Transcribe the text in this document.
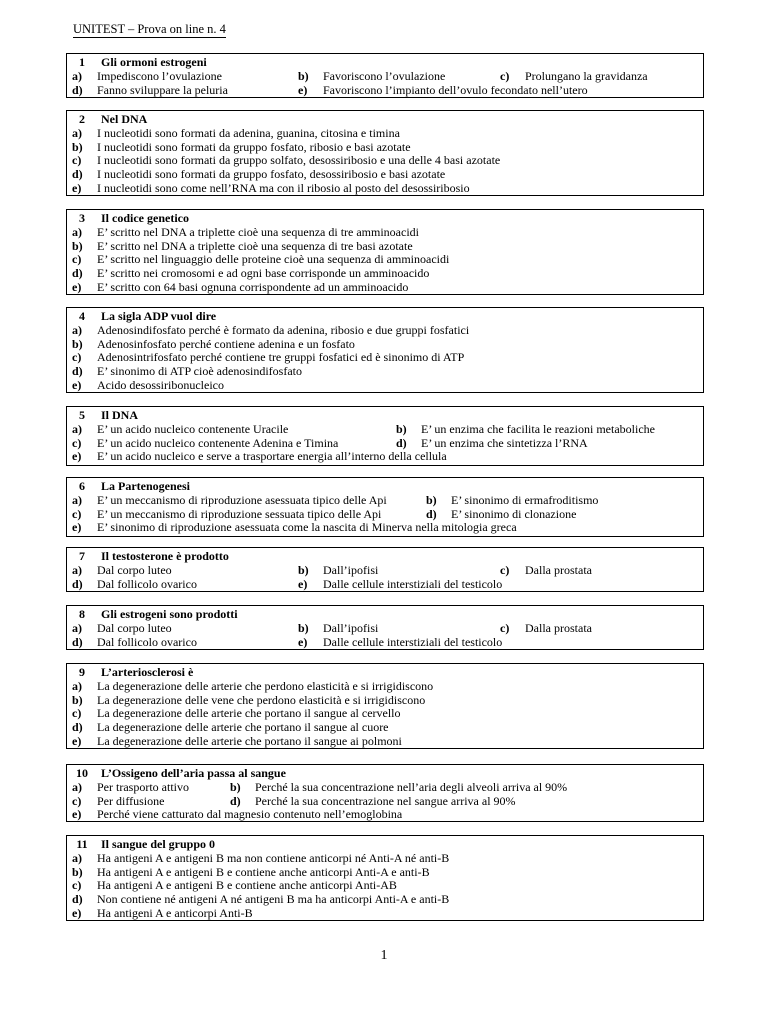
UNITEST – Prova on line n. 4
1	Gli ormoni estrogeni
a)	Impediscono l’ovulazione	b)	Favoriscono l’ovulazione	c)	Prolungano la gravidanza
d)	Fanno sviluppare la peluria	e)	Favoriscono l’impianto dell’ovulo fecondato nell’utero
2	Nel DNA
a)	I nucleotidi sono formati da adenina, guanina, citosina e timina
b)	I nucleotidi sono formati da gruppo fosfato, ribosio e basi azotate
c)	I nucleotidi sono formati da gruppo solfato, desossiribosio e una delle 4 basi azotate
d)	I nucleotidi sono formati da gruppo fosfato, desossiribosio e basi azotate
e)	I nucleotidi sono come nell’RNA ma con il ribosio al posto del desossiribosio
3	Il codice genetico
a)	E’ scritto nel DNA a triplette cioè una sequenza di tre amminoacidi
b)	E’ scritto nel DNA a triplette cioè una sequenza di tre basi azotate
c)	E’ scritto nel linguaggio delle proteine cioè una sequenza di amminoacidi
d)	E’ scritto nei cromosomi e ad ogni base corrisponde un amminoacido
e)	E’ scritto con 64 basi ognuna corrispondente ad un amminoacido
4	La sigla ADP vuol dire
a)	Adenosindifosfato perché è formato da adenina, ribosio e due gruppi fosfatici
b)	Adenosinfosfato perché contiene adenina e un fosfato
c)	Adenosintrifosfato perché contiene tre gruppi fosfatici ed è sinonimo di ATP
d)	E’ sinonimo di ATP cioè adenosindifosfato
e)	Acido desossiribonucleico
5	Il DNA
a)	E’ un acido nucleico contenente Uracile	b)	E’ un enzima che facilita le reazioni metaboliche
c)	E’ un acido nucleico contenente Adenina e Timina	d)	E’ un enzima che sintetizza l’RNA
e)	E’ un acido nucleico e serve a trasportare energia all’interno della cellula
6	La Partenogenesi
a)	E’ un meccanismo di riproduzione asessuata tipico delle Api	b)	E’ sinonimo di ermafroditismo
c)	E’ un meccanismo di riproduzione sessuata tipico delle Api	d)	E’ sinonimo di clonazione
e)	E’ sinonimo di riproduzione asessuata come la nascita di Minerva nella mitologia greca
7	Il testosterone è prodotto
a)	Dal corpo luteo	b)	Dall’ipofisi	c)	Dalla prostata
d)	Dal follicolo ovarico	e)	Dalle cellule interstiziali del testicolo
8	Gli estrogeni sono prodotti
a)	Dal corpo luteo	b)	Dall’ipofisi	c)	Dalla prostata
d)	Dal follicolo ovarico	e)	Dalle cellule interstiziali del testicolo
9	L’arteriosclerosi è
a)	La degenerazione delle arterie che perdono elasticità e si irrigidiscono
b)	La degenerazione delle vene che perdono elasticità e si irrigidiscono
c)	La degenerazione delle arterie che portano il sangue al cervello
d)	La degenerazione delle arterie che portano il sangue al cuore
e)	La degenerazione delle arterie che portano il sangue ai polmoni
10	L’Ossigeno dell’aria passa al sangue
a)	Per trasporto attivo	b)	Perché la sua concentrazione nell’aria degli alveoli arriva al 90%
c)	Per diffusione	d)	Perché la sua concentrazione nel sangue arriva al 90%
e)	Perché viene catturato dal magnesio contenuto nell’emoglobina
11	Il sangue del gruppo 0
a)	Ha antigeni A e antigeni B ma non contiene anticorpi né Anti-A né anti-B
b)	Ha antigeni A e antigeni B e contiene anche anticorpi Anti-A e anti-B
c)	Ha antigeni A e antigeni B e contiene anche anticorpi Anti-AB
d)	Non contiene né antigeni A né antigeni B ma ha anticorpi Anti-A e anti-B
e)	Ha antigeni A e anticorpi Anti-B
1
